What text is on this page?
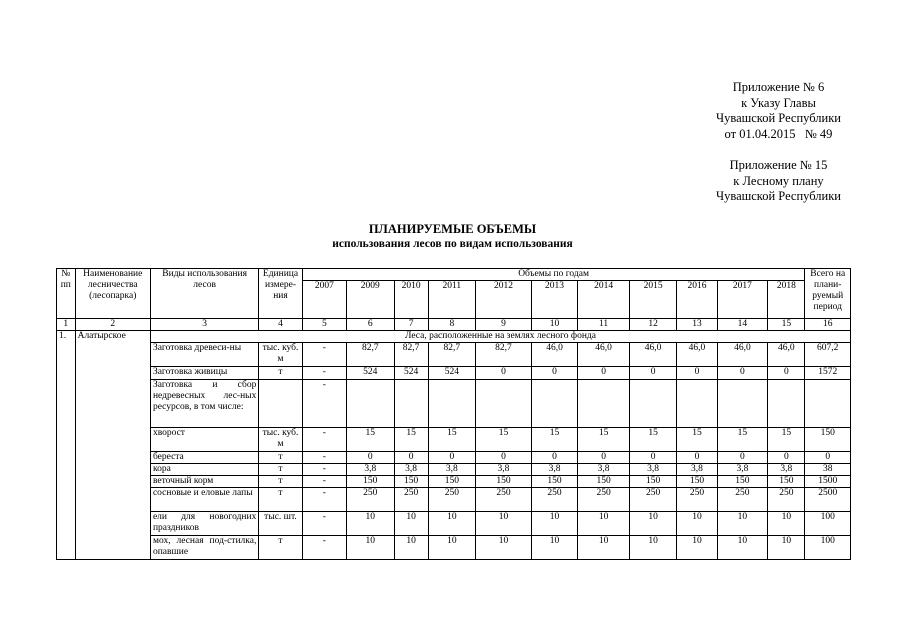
Приложение № 6
к Указу Главы
Чувашской Республики
от 01.04.2015   № 49
Приложение № 15
к Лесному плану
Чувашской Республики
ПЛАНИРУЕМЫЕ ОБЪЕМЫ
использования лесов по видам использования
№ пп	Наименование лесничества (лесопарка)	Виды использования лесов	Единица измере-ния	Объемы по годам											Всего на плани-руемый период
				2007	2009	2010	2011	2012	2013	2014	2015	2016	2017	2018	
1	2	3	4	5	6	7	8	9	10	11	12	13	14	15	16
1.	Алатырское	Леса, расположенные на землях лесного фонда													
		Заготовка древеси-ны	тыс. куб. м	-	82,7	82,7	82,7	82,7	46,0	46,0	46,0	46,0	46,0	46,0	607,2
		Заготовка живицы	т	-	524	524	524	0	0	0	0	0	0	0	1572
		Заготовка и сбор недревесных лес-ных ресурсов, в том числе:		-											
		хворост	тыс. куб. м	-	15	15	15	15	15	15	15	15	15	15	150
		береста	т	-	0	0	0	0	0	0	0	0	0	0	0
		кора	т	-	3,8	3,8	3,8	3,8	3,8	3,8	3,8	3,8	3,8	3,8	38
		веточный корм	т	-	150	150	150	150	150	150	150	150	150	150	1500
		сосновые и еловые лапы	т	-	250	250	250	250	250	250	250	250	250	250	2500
		ели для новогодних праздников	тыс. шт.	-	10	10	10	10	10	10	10	10	10	10	100
		мох, лесная под-стилка, опавшие	т	-	10	10	10	10	10	10	10	10	10	10	100
